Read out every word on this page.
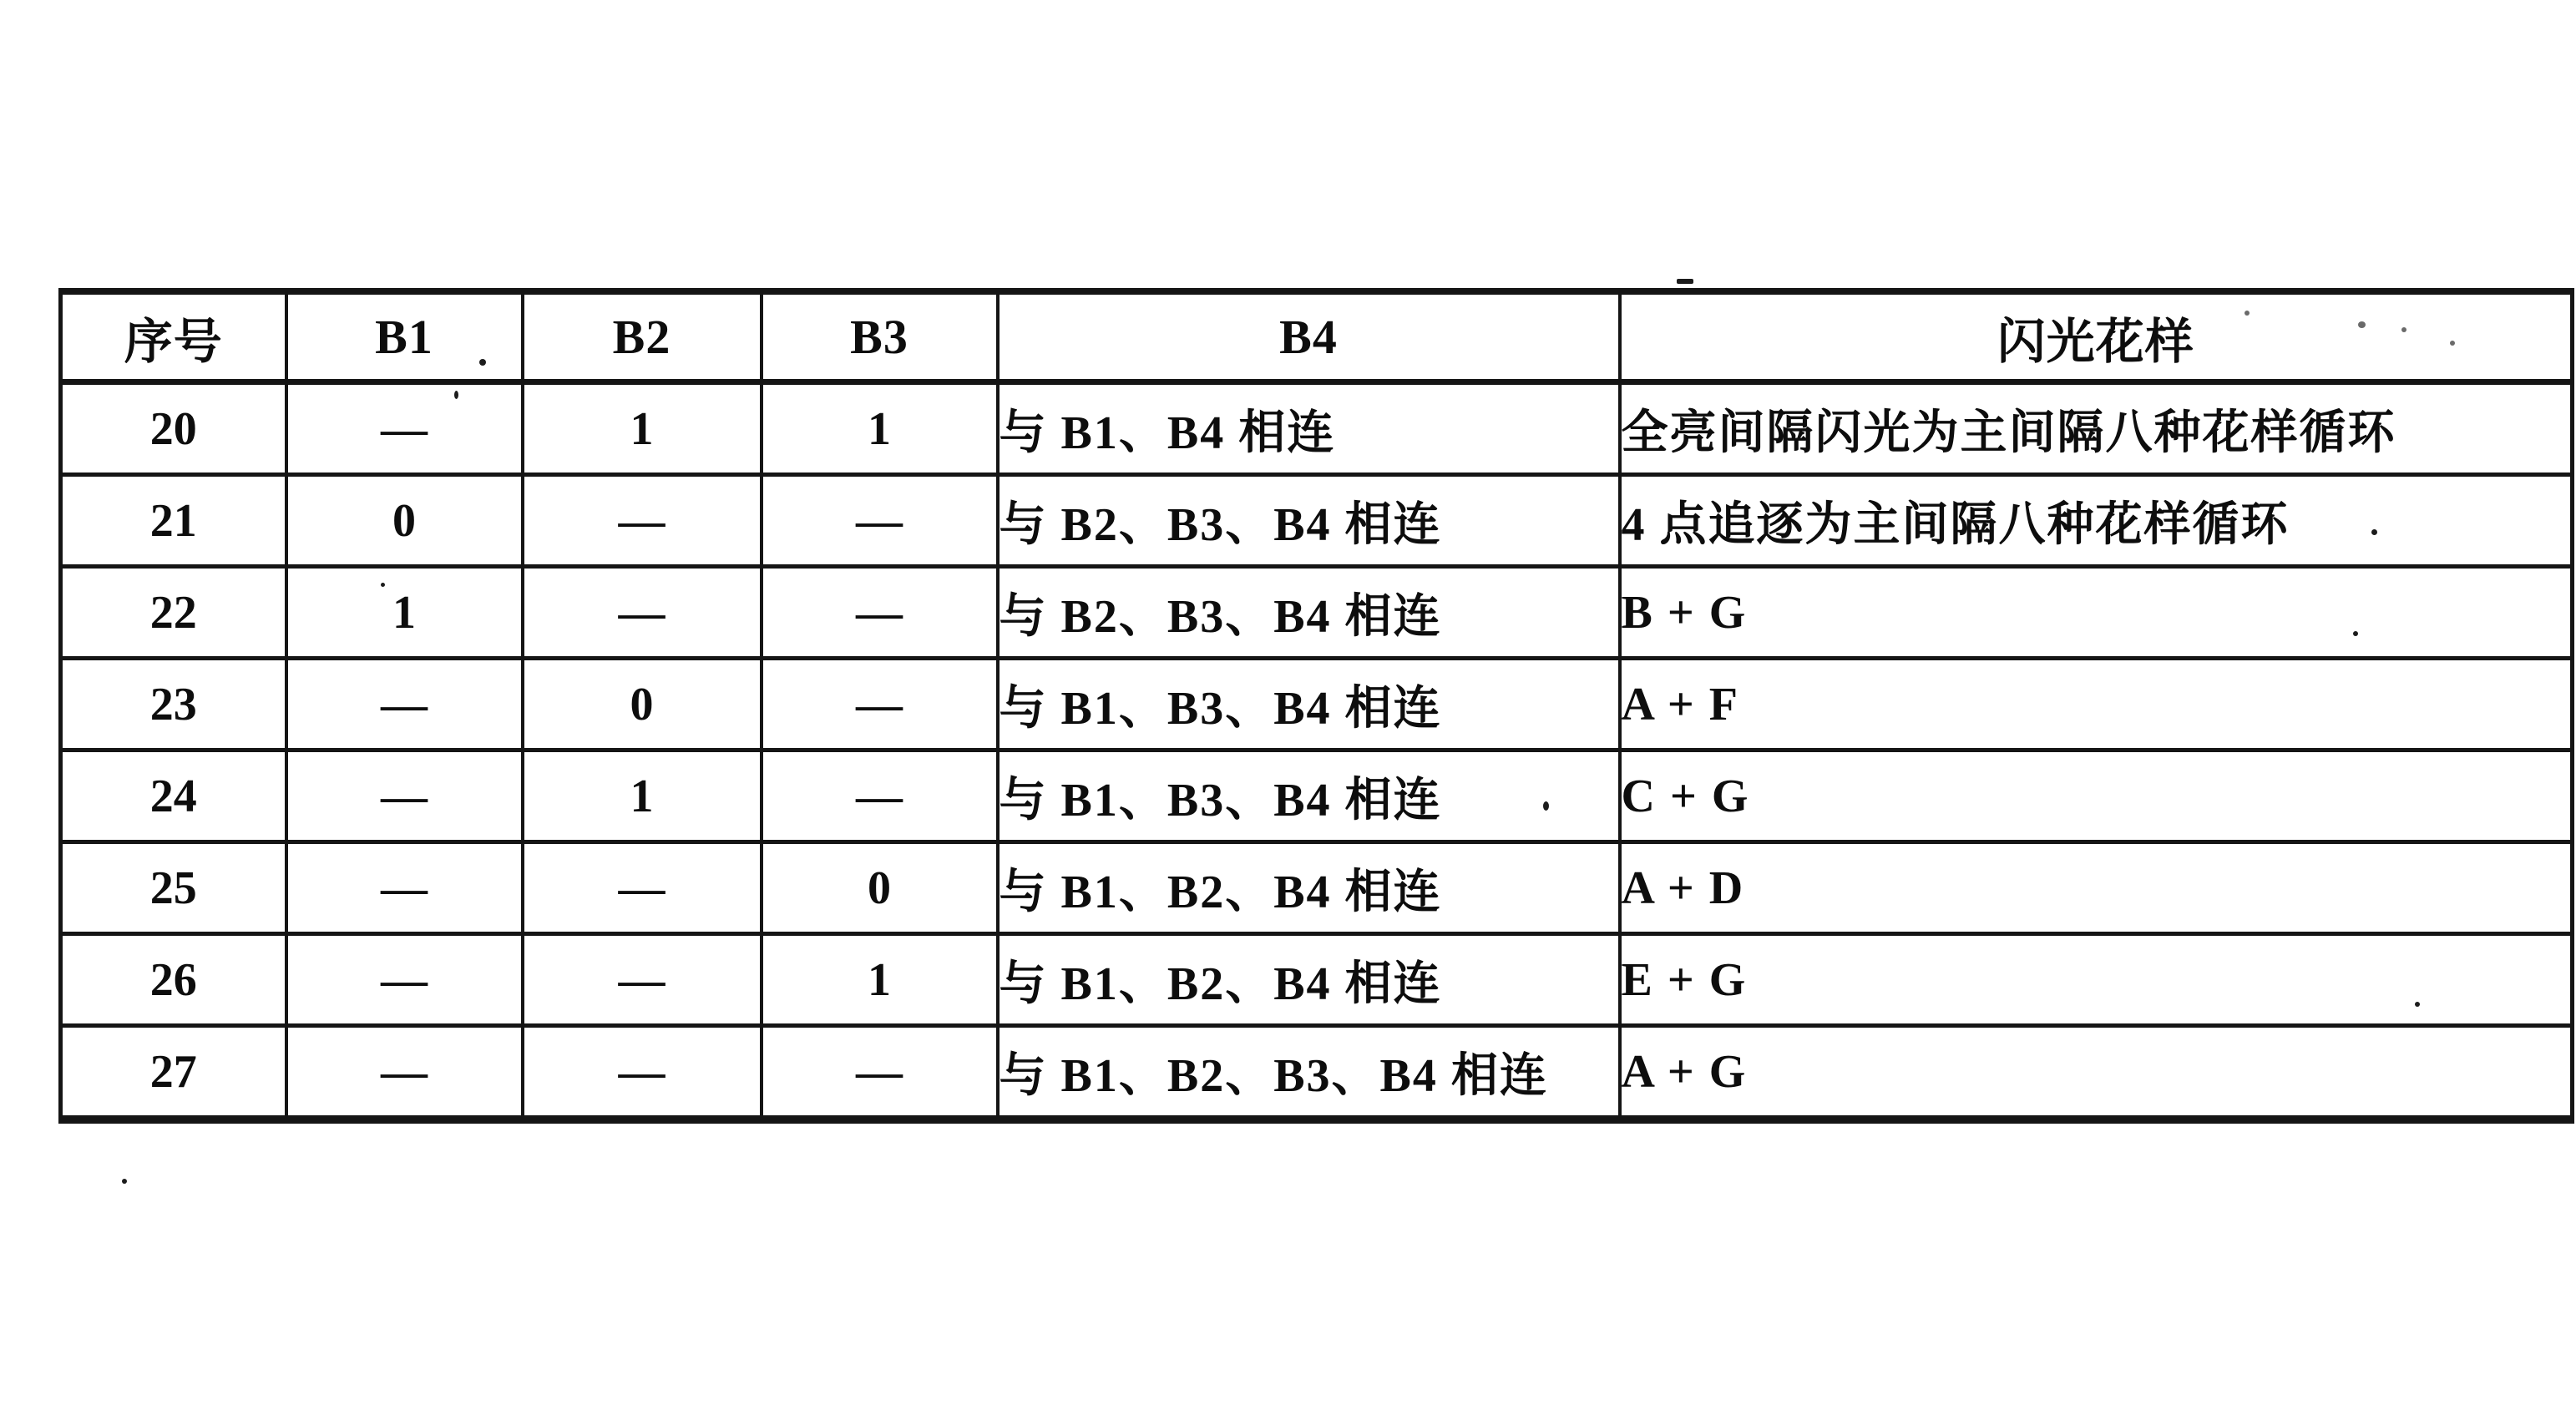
序号	B1	B2	B3	B4	闪光花样
20	—	1	1	与 B1、B4 相连	全亮间隔闪光为主间隔八种花样循环
21	0	—	—	与 B2、B3、B4 相连	4 点追逐为主间隔八种花样循环
22	1	—	—	与 B2、B3、B4 相连	B + G
23	—	0	—	与 B1、B3、B4 相连	A + F
24	—	1	—	与 B1、B3、B4 相连	C + G
25	—	—	0	与 B1、B2、B4 相连	A + D
26	—	—	1	与 B1、B2、B4 相连	E + G
27	—	—	—	与 B1、B2、B3、B4 相连	A + G
